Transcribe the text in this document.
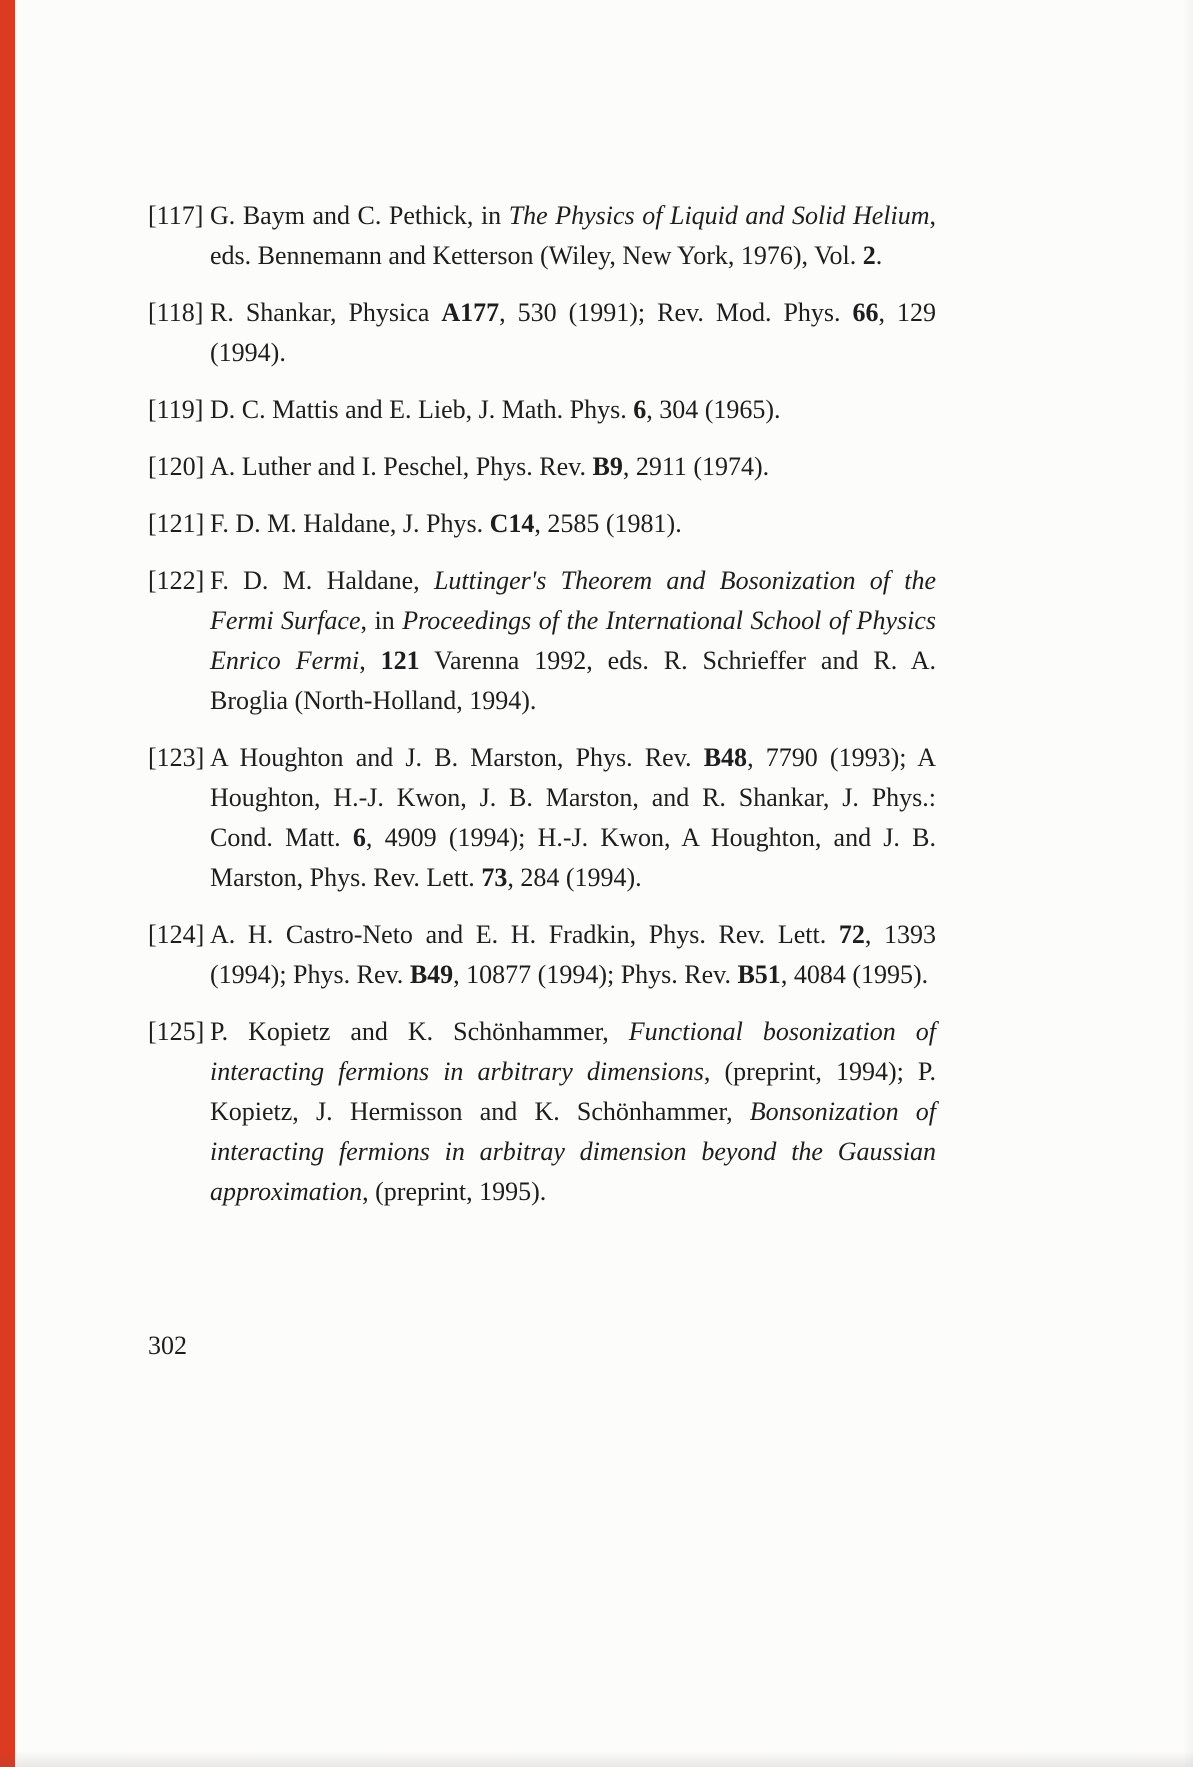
[117] G. Baym and C. Pethick, in The Physics of Liquid and Solid Helium, eds. Bennemann and Ketterson (Wiley, New York, 1976), Vol. 2.
[118] R. Shankar, Physica A177, 530 (1991); Rev. Mod. Phys. 66, 129 (1994).
[119] D. C. Mattis and E. Lieb, J. Math. Phys. 6, 304 (1965).
[120] A. Luther and I. Peschel, Phys. Rev. B9, 2911 (1974).
[121] F. D. M. Haldane, J. Phys. C14, 2585 (1981).
[122] F. D. M. Haldane, Luttinger's Theorem and Bosonization of the Fermi Surface, in Proceedings of the International School of Physics Enrico Fermi, 121 Varenna 1992, eds. R. Schrieffer and R. A. Broglia (North-Holland, 1994).
[123] A Houghton and J. B. Marston, Phys. Rev. B48, 7790 (1993); A Houghton, H.-J. Kwon, J. B. Marston, and R. Shankar, J. Phys.: Cond. Matt. 6, 4909 (1994); H.-J. Kwon, A Houghton, and J. B. Marston, Phys. Rev. Lett. 73, 284 (1994).
[124] A. H. Castro-Neto and E. H. Fradkin, Phys. Rev. Lett. 72, 1393 (1994); Phys. Rev. B49, 10877 (1994); Phys. Rev. B51, 4084 (1995).
[125] P. Kopietz and K. Schönhammer, Functional bosonization of interacting fermions in arbitrary dimensions, (preprint, 1994); P. Kopietz, J. Hermisson and K. Schönhammer, Bonsonization of interacting fermions in arbitray dimension beyond the Gaussian approximation, (preprint, 1995).
302
